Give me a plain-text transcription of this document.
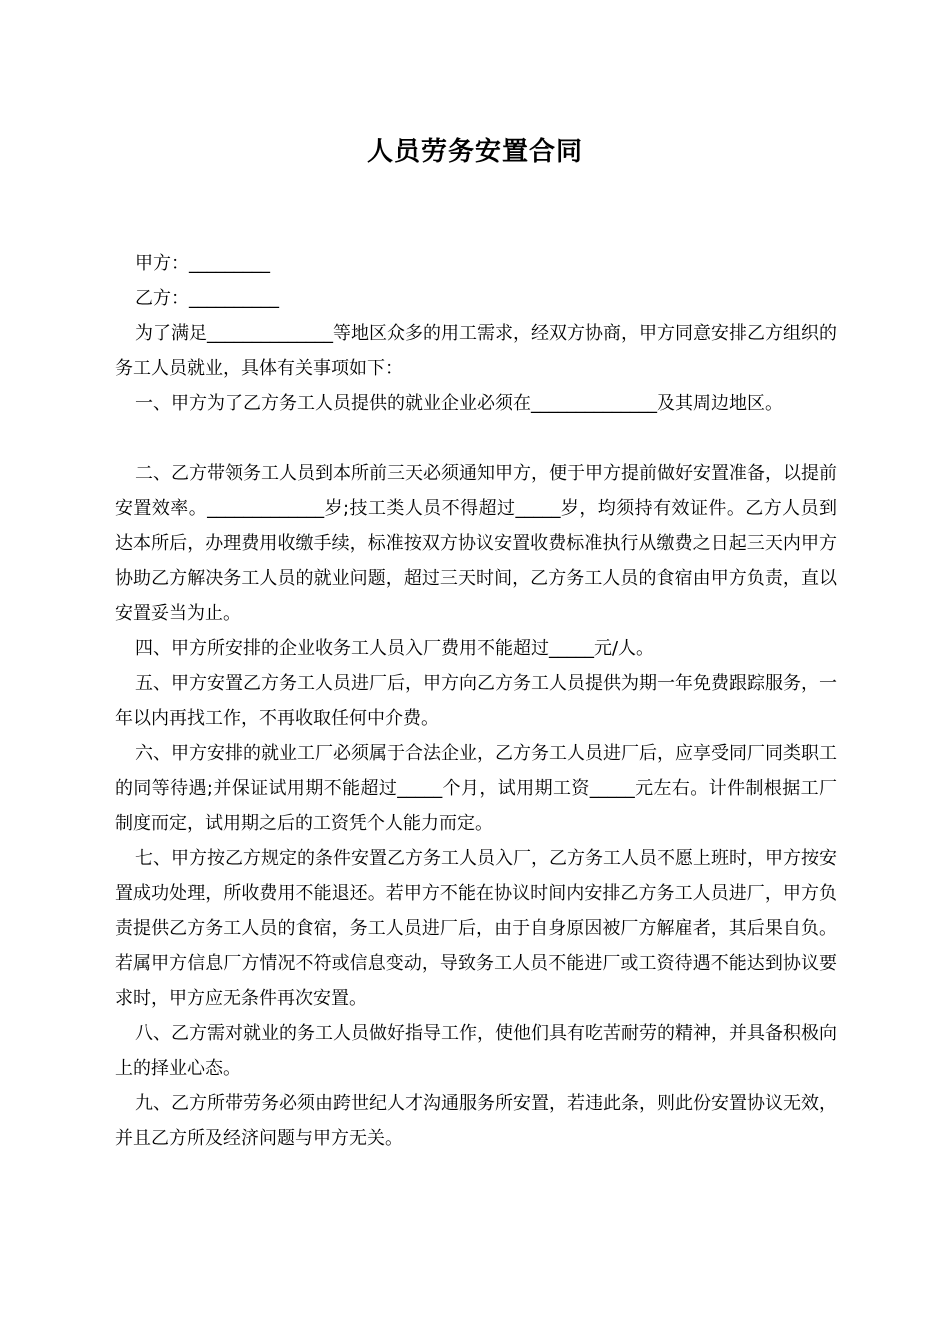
人员劳务安置合同

甲方：_________

乙方：__________

为了满足______________等地区众多的用工需求，经双方协商，甲方同意安排乙方组织的务工人员就业，具体有关事项如下：

一、甲方为了乙方务工人员提供的就业企业必须在______________及其周边地区。

二、乙方带领务工人员到本所前三天必须通知甲方，便于甲方提前做好安置准备，以提前安置效率。_____________岁;技工类人员不得超过_____岁，均须持有效证件。乙方人员到达本所后，办理费用收缴手续，标准按双方协议安置收费标准执行从缴费之日起三天内甲方协助乙方解决务工人员的就业问题，超过三天时间，乙方务工人员的食宿由甲方负责，直以安置妥当为止。

四、甲方所安排的企业收务工人员入厂费用不能超过_____元/人。

五、甲方安置乙方务工人员进厂后，甲方向乙方务工人员提供为期一年免费跟踪服务，一年以内再找工作，不再收取任何中介费。

六、甲方安排的就业工厂必须属于合法企业，乙方务工人员进厂后，应享受同厂同类职工的同等待遇;并保证试用期不能超过_____个月，试用期工资_____元左右。计件制根据工厂制度而定，试用期之后的工资凭个人能力而定。

七、甲方按乙方规定的条件安置乙方务工人员入厂，乙方务工人员不愿上班时，甲方按安置成功处理，所收费用不能退还。若甲方不能在协议时间内安排乙方务工人员进厂，甲方负责提供乙方务工人员的食宿，务工人员进厂后，由于自身原因被厂方解雇者，其后果自负。若属甲方信息厂方情况不符或信息变动，导致务工人员不能进厂或工资待遇不能达到协议要求时，甲方应无条件再次安置。

八、乙方需对就业的务工人员做好指导工作，使他们具有吃苦耐劳的精神，并具备积极向上的择业心态。

九、乙方所带劳务必须由跨世纪人才沟通服务所安置，若违此条，则此份安置协议无效，并且乙方所及经济问题与甲方无关。
